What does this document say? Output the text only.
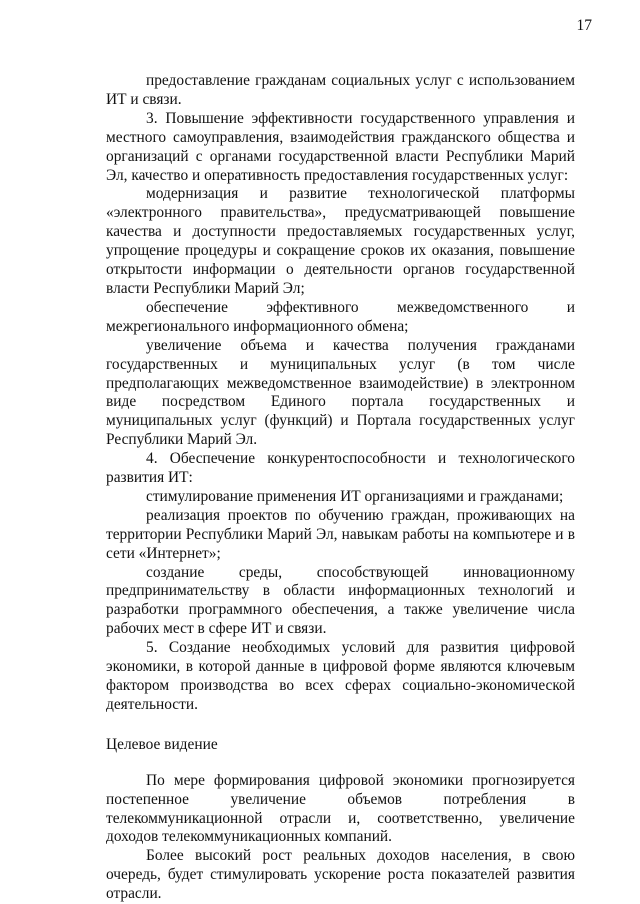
17

предоставление гражданам социальных услуг с использованием ИТ и связи.

3. Повышение эффективности государственного управления и местного самоуправления, взаимодействия гражданского общества и организаций с органами государственной власти Республики Марий Эл, качество и оперативность предоставления государственных услуг:

модернизация и развитие технологической платформы «электронного правительства», предусматривающей повышение качества и доступности предоставляемых государственных услуг, упрощение процедуры и сокращение сроков их оказания, повышение открытости информации о деятельности органов государственной власти Республики Марий Эл;

обеспечение эффективного межведомственного и межрегионального информационного обмена;

увеличение объема и качества получения гражданами государственных и муниципальных услуг (в том числе предполагающих межведомственное взаимодействие) в электронном виде посредством Единого портала государственных и муниципальных услуг (функций) и Портала государственных услуг Республики Марий Эл.

4. Обеспечение конкурентоспособности и технологического развития ИТ:

стимулирование применения ИТ организациями и гражданами;

реализация проектов по обучению граждан, проживающих на территории Республики Марий Эл, навыкам работы на компьютере и в сети «Интернет»;

создание среды, способствующей инновационному предпринимательству в области информационных технологий и разработки программного обеспечения, а также увеличение числа рабочих мест в сфере ИТ и связи.

5. Создание необходимых условий для развития цифровой экономики, в которой данные в цифровой форме являются ключевым фактором производства во всех сферах социально-экономической деятельности.

Целевое видение

По мере формирования цифровой экономики прогнозируется постепенное увеличение объемов потребления в телекоммуникационной отрасли и, соответственно, увеличение доходов телекоммуникационных компаний.

Более высокий рост реальных доходов населения, в свою очередь, будет стимулировать ускорение роста показателей развития отрасли.
